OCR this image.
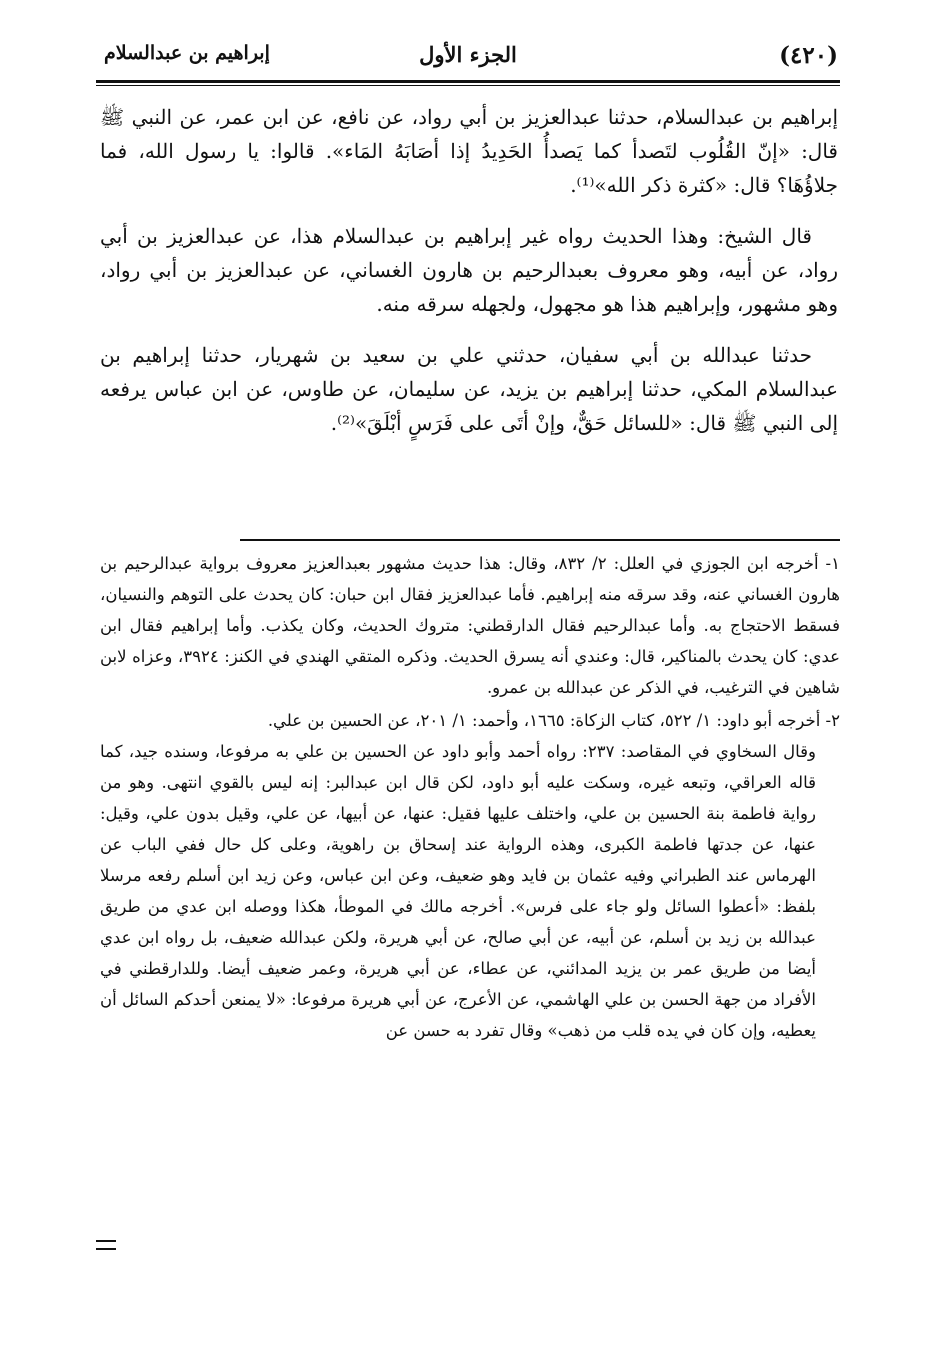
(٤٢٠)
الجزء الأول
إبراهيم بن عبدالسلام

إبراهيم بن عبدالسلام، حدثنا عبدالعزيز بن أبي رواد، عن نافع، عن ابن عمر، عن النبي ﷺ قال: «إنّ القُلُوب لتَصدأ كما يَصدأُ الحَدِيدُ إذا أصَابَهُ المَاء». قالوا: يا رسول الله، فما جلاؤُهَا؟ قال: «كثرة ذكر الله»⁽¹⁾.

قال الشيخ: وهذا الحديث رواه غير إبراهيم بن عبدالسلام هذا، عن عبدالعزيز بن أبي رواد، عن أبيه، وهو معروف بعبدالرحيم بن هارون الغساني، عن عبدالعزيز بن أبي رواد، وهو مشهور، وإبراهيم هذا هو مجهول، ولجهله سرقه منه.

حدثنا عبدالله بن أبي سفيان، حدثني علي بن سعيد بن شهريار، حدثنا إبراهيم بن عبدالسلام المكي، حدثنا إبراهيم بن يزيد، عن سليمان، عن طاوس، عن ابن عباس يرفعه إلى النبي ﷺ قال: «للسائل حَقٌّ، وإنْ أتَى على فَرَسٍ أبْلَقَ»⁽²⁾.

١- أخرجه ابن الجوزي في العلل: ٢/ ٨٣٢، وقال: هذا حديث مشهور بعبدالعزيز معروف برواية عبدالرحيم بن هارون الغساني عنه، وقد سرقه منه إبراهيم. فأما عبدالعزيز فقال ابن حبان: كان يحدث على التوهم والنسيان، فسقط الاحتجاج به. وأما عبدالرحيم فقال الدارقطني: متروك الحديث، وكان يكذب. وأما إبراهيم فقال ابن عدي: كان يحدث بالمناكير، قال: وعندي أنه يسرق الحديث. وذكره المتقي الهندي في الكنز: ٣٩٢٤، وعزاه لابن شاهين في الترغيب، في الذكر عن عبدالله بن عمرو.

٢- أخرجه أبو داود: ١/ ٥٢٢، كتاب الزكاة: ١٦٦٥، وأحمد: ١/ ٢٠١، عن الحسين بن علي.

وقال السخاوي في المقاصد: ٢٣٧: رواه أحمد وأبو داود عن الحسين بن علي به مرفوعا، وسنده جيد، كما قاله العراقي، وتبعه غيره، وسكت عليه أبو داود، لكن قال ابن عبدالبر: إنه ليس بالقوي انتهى. وهو من رواية فاطمة بنة الحسين بن علي، واختلف عليها فقيل: عنها، عن أبيها، عن علي، وقيل بدون علي، وقيل: عنها، عن جدتها فاطمة الكبرى، وهذه الرواية عند إسحاق بن راهوية، وعلى كل حال ففي الباب عن الهرماس عند الطبراني وفيه عثمان بن فايد وهو ضعيف، وعن ابن عباس، وعن زيد ابن أسلم رفعه مرسلا بلفظ: «أعطوا السائل ولو جاء على فرس». أخرجه مالك في الموطأ، هكذا ووصله ابن عدي من طريق عبدالله بن زيد بن أسلم، عن أبيه، عن أبي صالح، عن أبي هريرة، ولكن عبدالله ضعيف، بل رواه ابن عدي أيضا من طريق عمر بن يزيد المدائني، عن عطاء، عن أبي هريرة، وعمر ضعيف أيضا. وللدارقطني في الأفراد من جهة الحسن بن علي الهاشمي، عن الأعرج، عن أبي هريرة مرفوعا: «لا يمنعن أحدكم السائل أن يعطيه، وإن كان في يده قلب من ذهب» وقال تفرد به حسن عن
